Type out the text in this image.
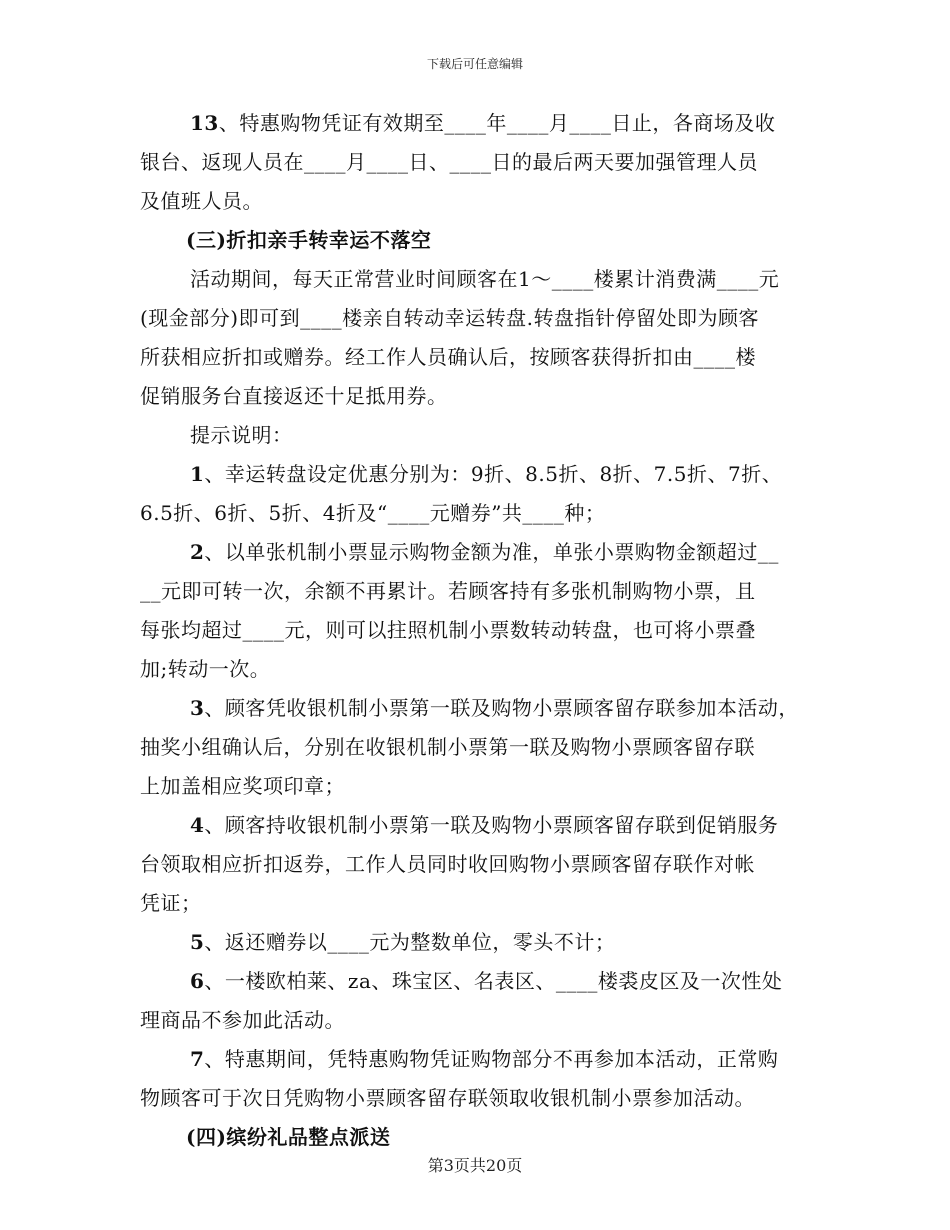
下载后可任意编辑
13、特惠购物凭证有效期至____年____月____日止，各商场及收
银台、返现人员在____月____日、____日的最后两天要加强管理人员
及值班人员。
(三)折扣亲手转幸运不落空
活动期间，每天正常营业时间顾客在1～____楼累计消费满____元
(现金部分)即可到____楼亲自转动幸运转盘.转盘指针停留处即为顾客
所获相应折扣或赠券。经工作人员确认后，按顾客获得折扣由____楼
促销服务台直接返还十足抵用券。
提示说明：
1、幸运转盘设定优惠分别为：9折、8.5折、8折、7.5折、7折、
6.5折、6折、5折、4折及“____元赠券”共____种；
2、以单张机制小票显示购物金额为准，单张小票购物金额超过__
__元即可转一次，余额不再累计。若顾客持有多张机制购物小票，且
每张均超过____元，则可以拄照机制小票数转动转盘，也可将小票叠
加;转动一次。
3、顾客凭收银机制小票第一联及购物小票顾客留存联参加本活动，
抽奖小组确认后，分别在收银机制小票第一联及购物小票顾客留存联
上加盖相应奖项印章；
4、顾客持收银机制小票第一联及购物小票顾客留存联到促销服务
台领取相应折扣返券，工作人员同时收回购物小票顾客留存联作对帐
凭证；
5、返还赠券以____元为整数单位，零头不计；
6、一楼欧柏莱、za、珠宝区、名表区、____楼裘皮区及一次性处
理商品不参加此活动。
7、特惠期间，凭特惠购物凭证购物部分不再参加本活动，正常购
物顾客可于次日凭购物小票顾客留存联领取收银机制小票参加活动。
(四)缤纷礼品整点派送
第3页共20页
